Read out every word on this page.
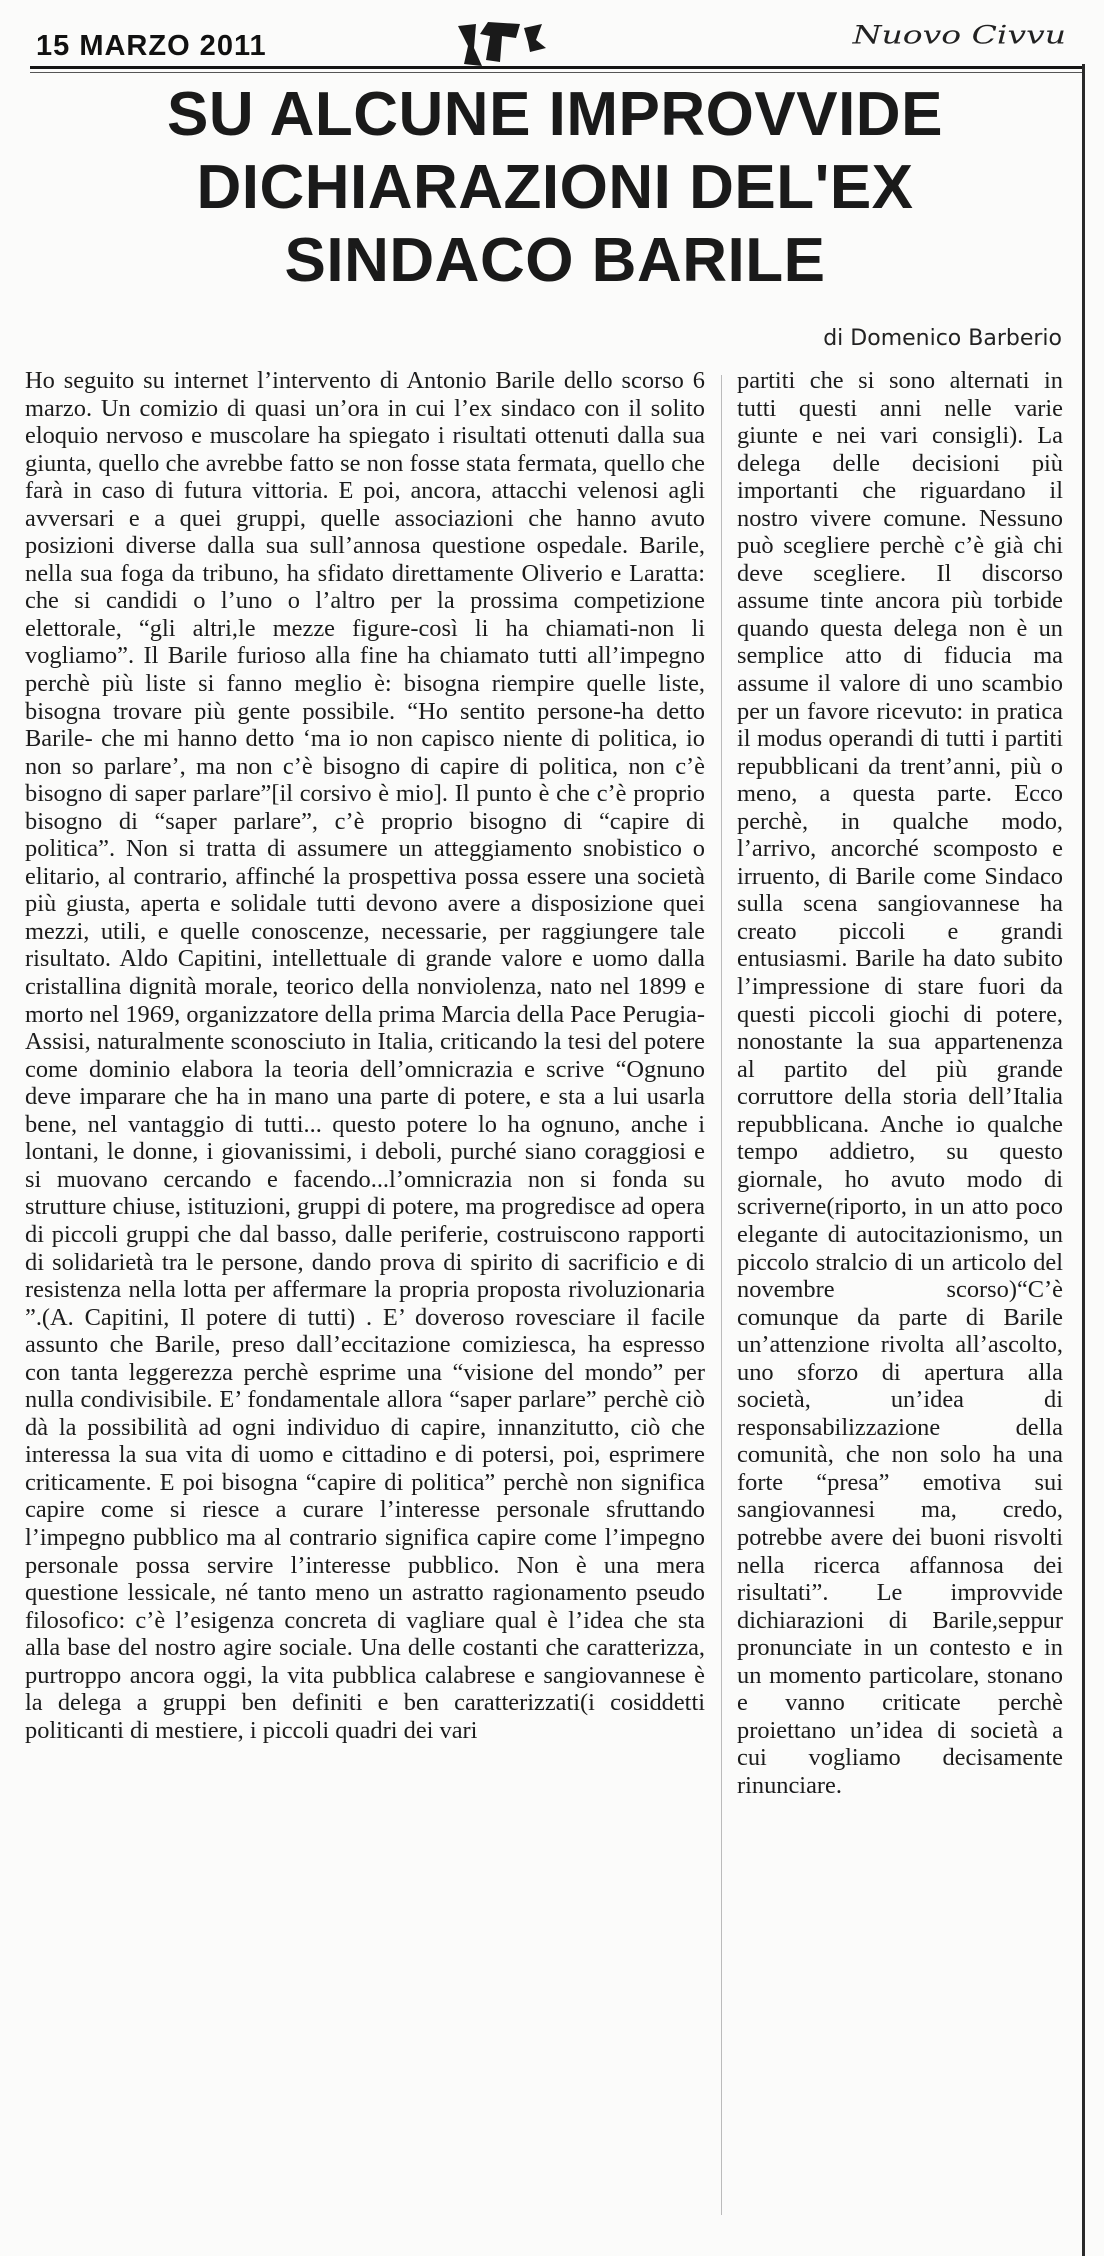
15 MARZO 2011	Nuovo Civvu
SU ALCUNE IMPROVVIDE
DICHIARAZIONI DEL'EX
SINDACO BARILE
di Domenico Barberio

Ho seguito su internet l’intervento di Antonio Barile dello scorso 6 marzo. Un comizio di quasi un’ora in cui l’ex sindaco con il solito eloquio nervoso e muscolare ha spiegato i risultati ottenuti dalla sua giunta, quello che avrebbe fatto se non fosse stata fermata, quello che farà in caso di futura vittoria. E poi, ancora, attacchi velenosi agli avversari e a quei gruppi, quelle associazioni che hanno avuto posizioni diverse dalla sua sull’annosa questione ospedale. Barile, nella sua foga da tribuno, ha sfidato direttamente Oliverio e Laratta: che si candidi o l’uno o l’altro per la prossima competizione elettorale, “gli altri,le mezze figure-così li ha chiamati-non li vogliamo”. Il Barile furioso alla fine ha chiamato tutti all’impegno perchè più liste si fanno meglio è: bisogna riempire quelle liste, bisogna trovare più gente possibile. “Ho sentito persone-ha detto Barile- che mi hanno detto ‘ma io non capisco niente di politica, io non so parlare’, ma non c’è bisogno di capire di politica, non c’è bisogno di saper parlare”[il corsivo è mio]. Il punto è che c’è proprio bisogno di “saper parlare”, c’è proprio bisogno di “capire di politica”. Non si tratta di assumere un atteggiamento snobistico o elitario, al contrario, affinché la prospettiva possa essere una società più giusta, aperta e solidale tutti devono avere a disposizione quei mezzi, utili, e quelle conoscenze, necessarie, per raggiungere tale risultato. Aldo Capitini, intellettuale di grande valore e uomo dalla cristallina dignità morale, teorico della nonviolenza, nato nel 1899 e morto nel 1969, organizzatore della prima Marcia della Pace Perugia-Assisi, naturalmente sconosciuto in Italia, criticando la tesi del potere come dominio elabora la teoria dell’omnicrazia e scrive “Ognuno deve imparare che ha in mano una parte di potere, e sta a lui usarla bene, nel vantaggio di tutti... questo potere lo ha ognuno, anche i lontani, le donne, i giovanissimi, i deboli, purché siano coraggiosi e si muovano cercando e facendo...l’omnicrazia non si fonda su strutture chiuse, istituzioni, gruppi di potere, ma progredisce ad opera di piccoli gruppi che dal basso, dalle periferie, costruiscono rapporti di solidarietà tra le persone, dando prova di spirito di sacrificio e di resistenza nella lotta per affermare la propria proposta rivoluzionaria ”.(A. Capitini, Il potere di tutti) . E’ doveroso rovesciare il facile assunto che Barile, preso dall’eccitazione comiziesca, ha espresso con tanta leggerezza perchè esprime una “visione del mondo” per nulla condivisibile. E’ fondamentale allora “saper parlare” perchè ciò dà la possibilità ad ogni individuo di capire, innanzitutto, ciò che interessa la sua vita di uomo e cittadino e di potersi, poi, esprimere criticamente. E poi bisogna “capire di politica” perchè non significa capire come si riesce a curare l’interesse personale sfruttando l’impegno pubblico ma al contrario significa capire come l’impegno personale possa servire l’interesse pubblico. Non è una mera questione lessicale, né tanto meno un astratto ragionamento pseudo filosofico: c’è l’esigenza concreta di vagliare qual è l’idea che sta alla base del nostro agire sociale. Una delle costanti che caratterizza, purtroppo ancora oggi, la vita pubblica calabrese e sangiovannese è la delega a gruppi ben definiti e ben caratterizzati(i cosiddetti politicanti di mestiere, i piccoli quadri dei vari

partiti che si sono alternati in tutti questi anni nelle varie giunte e nei vari consigli). La delega delle decisioni più importanti che riguardano il nostro vivere comune. Nessuno può scegliere perchè c’è già chi deve scegliere. Il discorso assume tinte ancora più torbide quando questa delega non è un semplice atto di fiducia ma assume il valore di uno scambio per un favore ricevuto: in pratica il modus operandi di tutti i partiti repubblicani da trent’anni, più o meno, a questa parte. Ecco perchè, in qualche modo, l’arrivo, ancorché scomposto e irruento, di Barile come Sindaco sulla scena sangiovannese ha creato piccoli e grandi entusiasmi. Barile ha dato subito l’impressione di stare fuori da questi piccoli giochi di potere, nonostante la sua appartenenza al partito del più grande corruttore della storia dell’Italia repubblicana. Anche io qualche tempo addietro, su questo giornale, ho avuto modo di scriverne(riporto, in un atto poco elegante di autocitazionismo, un piccolo stralcio di un articolo del novembre scorso)“C’è comunque da parte di Barile un’attenzione rivolta all’ascolto, uno sforzo di apertura alla società, un’idea di responsabilizzazione della comunità, che non solo ha una forte “presa” emotiva sui sangiovannesi ma, credo, potrebbe avere dei buoni risvolti nella ricerca affannosa dei risultati”. Le improvvide dichiarazioni di Barile,seppur pronunciate in un contesto e in un momento particolare, stonano e vanno criticate perchè proiettano un’idea di società a cui vogliamo decisamente rinunciare.
